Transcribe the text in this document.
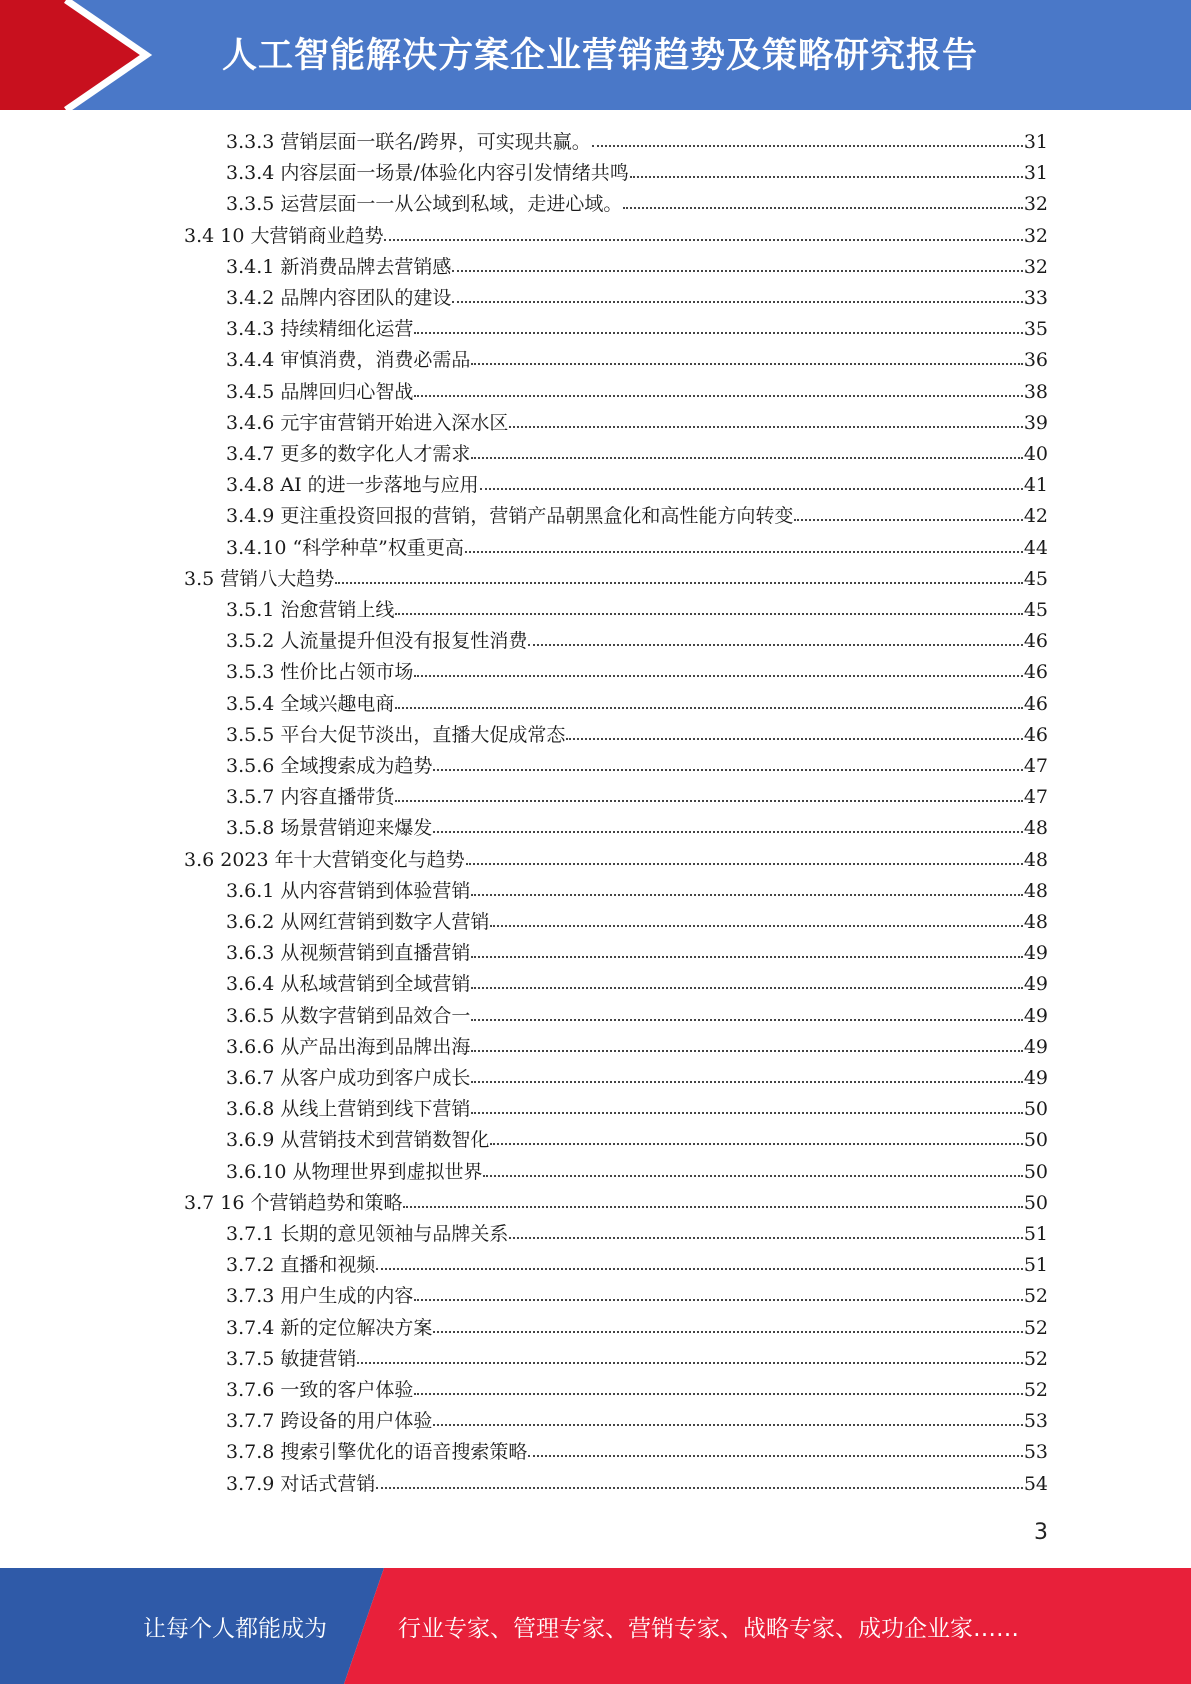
人工智能解决方案企业营销趋势及策略研究报告
3.3.3 营销层面一联名/跨界，可实现共赢。	31
3.3.4 内容层面一场景/体验化内容引发情绪共鸣	31
3.3.5 运营层面一一从公域到私域，走进心域。	32
3.4 10 大营销商业趋势	32
3.4.1 新消费品牌去营销感	32
3.4.2 品牌内容团队的建设	33
3.4.3 持续精细化运营	35
3.4.4 审慎消费，消费必需品	36
3.4.5 品牌回归心智战	38
3.4.6 元宇宙营销开始进入深水区	39
3.4.7 更多的数字化人才需求	40
3.4.8 AI 的进一步落地与应用	41
3.4.9 更注重投资回报的营销，营销产品朝黑盒化和高性能方向转变	42
3.4.10 “科学种草”权重更高	44
3.5 营销八大趋势	45
3.5.1 治愈营销上线	45
3.5.2 人流量提升但没有报复性消费	46
3.5.3 性价比占领市场	46
3.5.4 全域兴趣电商	46
3.5.5 平台大促节淡出，直播大促成常态	46
3.5.6 全域搜索成为趋势	47
3.5.7 内容直播带货	47
3.5.8 场景营销迎来爆发	48
3.6 2023 年十大营销变化与趋势	48
3.6.1 从内容营销到体验营销	48
3.6.2 从网红营销到数字人营销	48
3.6.3 从视频营销到直播营销	49
3.6.4 从私域营销到全域营销	49
3.6.5 从数字营销到品效合一	49
3.6.6 从产品出海到品牌出海	49
3.6.7 从客户成功到客户成长	49
3.6.8 从线上营销到线下营销	50
3.6.9 从营销技术到营销数智化	50
3.6.10 从物理世界到虚拟世界	50
3.7 16 个营销趋势和策略	50
3.7.1 长期的意见领袖与品牌关系	51
3.7.2 直播和视频	51
3.7.3 用户生成的内容	52
3.7.4 新的定位解决方案	52
3.7.5 敏捷营销	52
3.7.6 一致的客户体验	52
3.7.7 跨设备的用户体验	53
3.7.8 搜索引擎优化的语音搜索策略	53
3.7.9 对话式营销	54
3
让每个人都能成为	行业专家、管理专家、营销专家、战略专家、成功企业家……
